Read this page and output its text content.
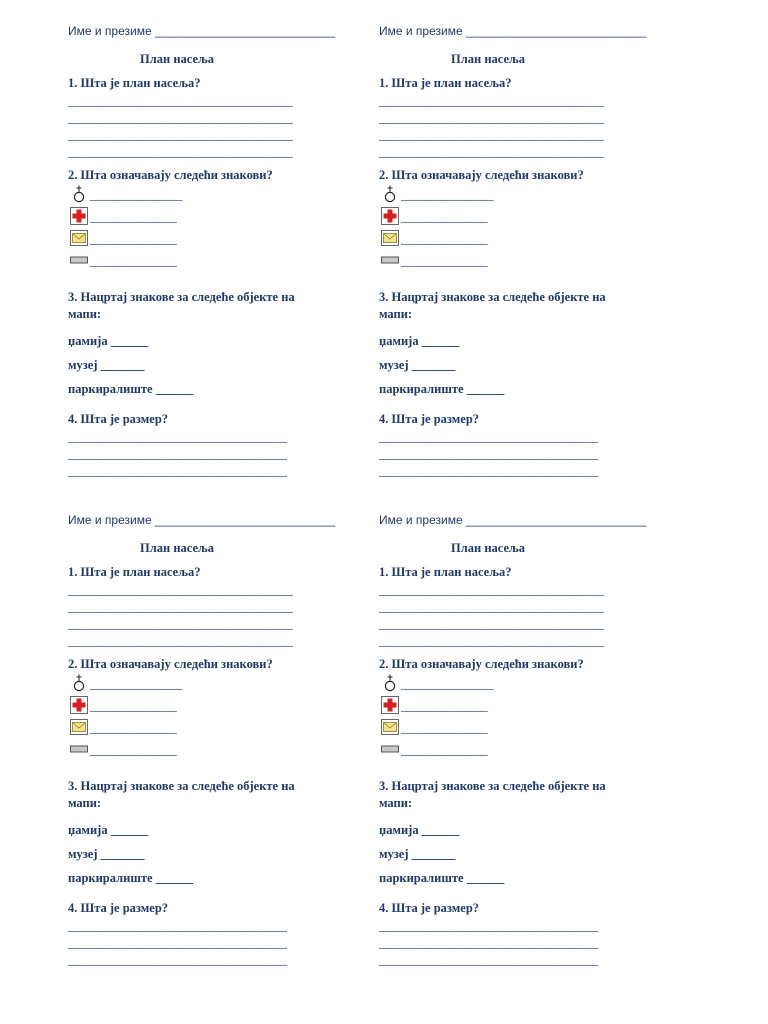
Име и презиме ___________________________
План насеља
1. Шта је план насеља?
_______________________________________
_______________________________________
_______________________________________
_______________________________________
2. Шта означавају следећи знакови?
________________
_______________
_______________
_______________
3. Нацртај знакове за следеће објекте на мапи:
џамија ______
музеј _______
паркиралиште ______
4. Шта је размер?
______________________________________
______________________________________
______________________________________
Име и презиме ___________________________
План насеља
1. Шта је план насеља?
_______________________________________
_______________________________________
_______________________________________
_______________________________________
2. Шта означавају следећи знакови?
________________
_______________
_______________
_______________
3. Нацртај знакове за следеће објекте на мапи:
џамија ______
музеј _______
паркиралиште ______
4. Шта је размер?
______________________________________
______________________________________
______________________________________
Име и презиме ___________________________
План насеља
1. Шта је план насеља?
_______________________________________
_______________________________________
_______________________________________
_______________________________________
2. Шта означавају следећи знакови?
________________
_______________
_______________
_______________
3. Нацртај знакове за следеће објекте на мапи:
џамија ______
музеј _______
паркиралиште ______
4. Шта је размер?
______________________________________
______________________________________
______________________________________
Име и презиме ___________________________
План насеља
1. Шта је план насеља?
_______________________________________
_______________________________________
_______________________________________
_______________________________________
2. Шта означавају следећи знакови?
________________
_______________
_______________
_______________
3. Нацртај знакове за следеће објекте на мапи:
џамија ______
музеј _______
паркиралиште ______
4. Шта је размер?
______________________________________
______________________________________
______________________________________
